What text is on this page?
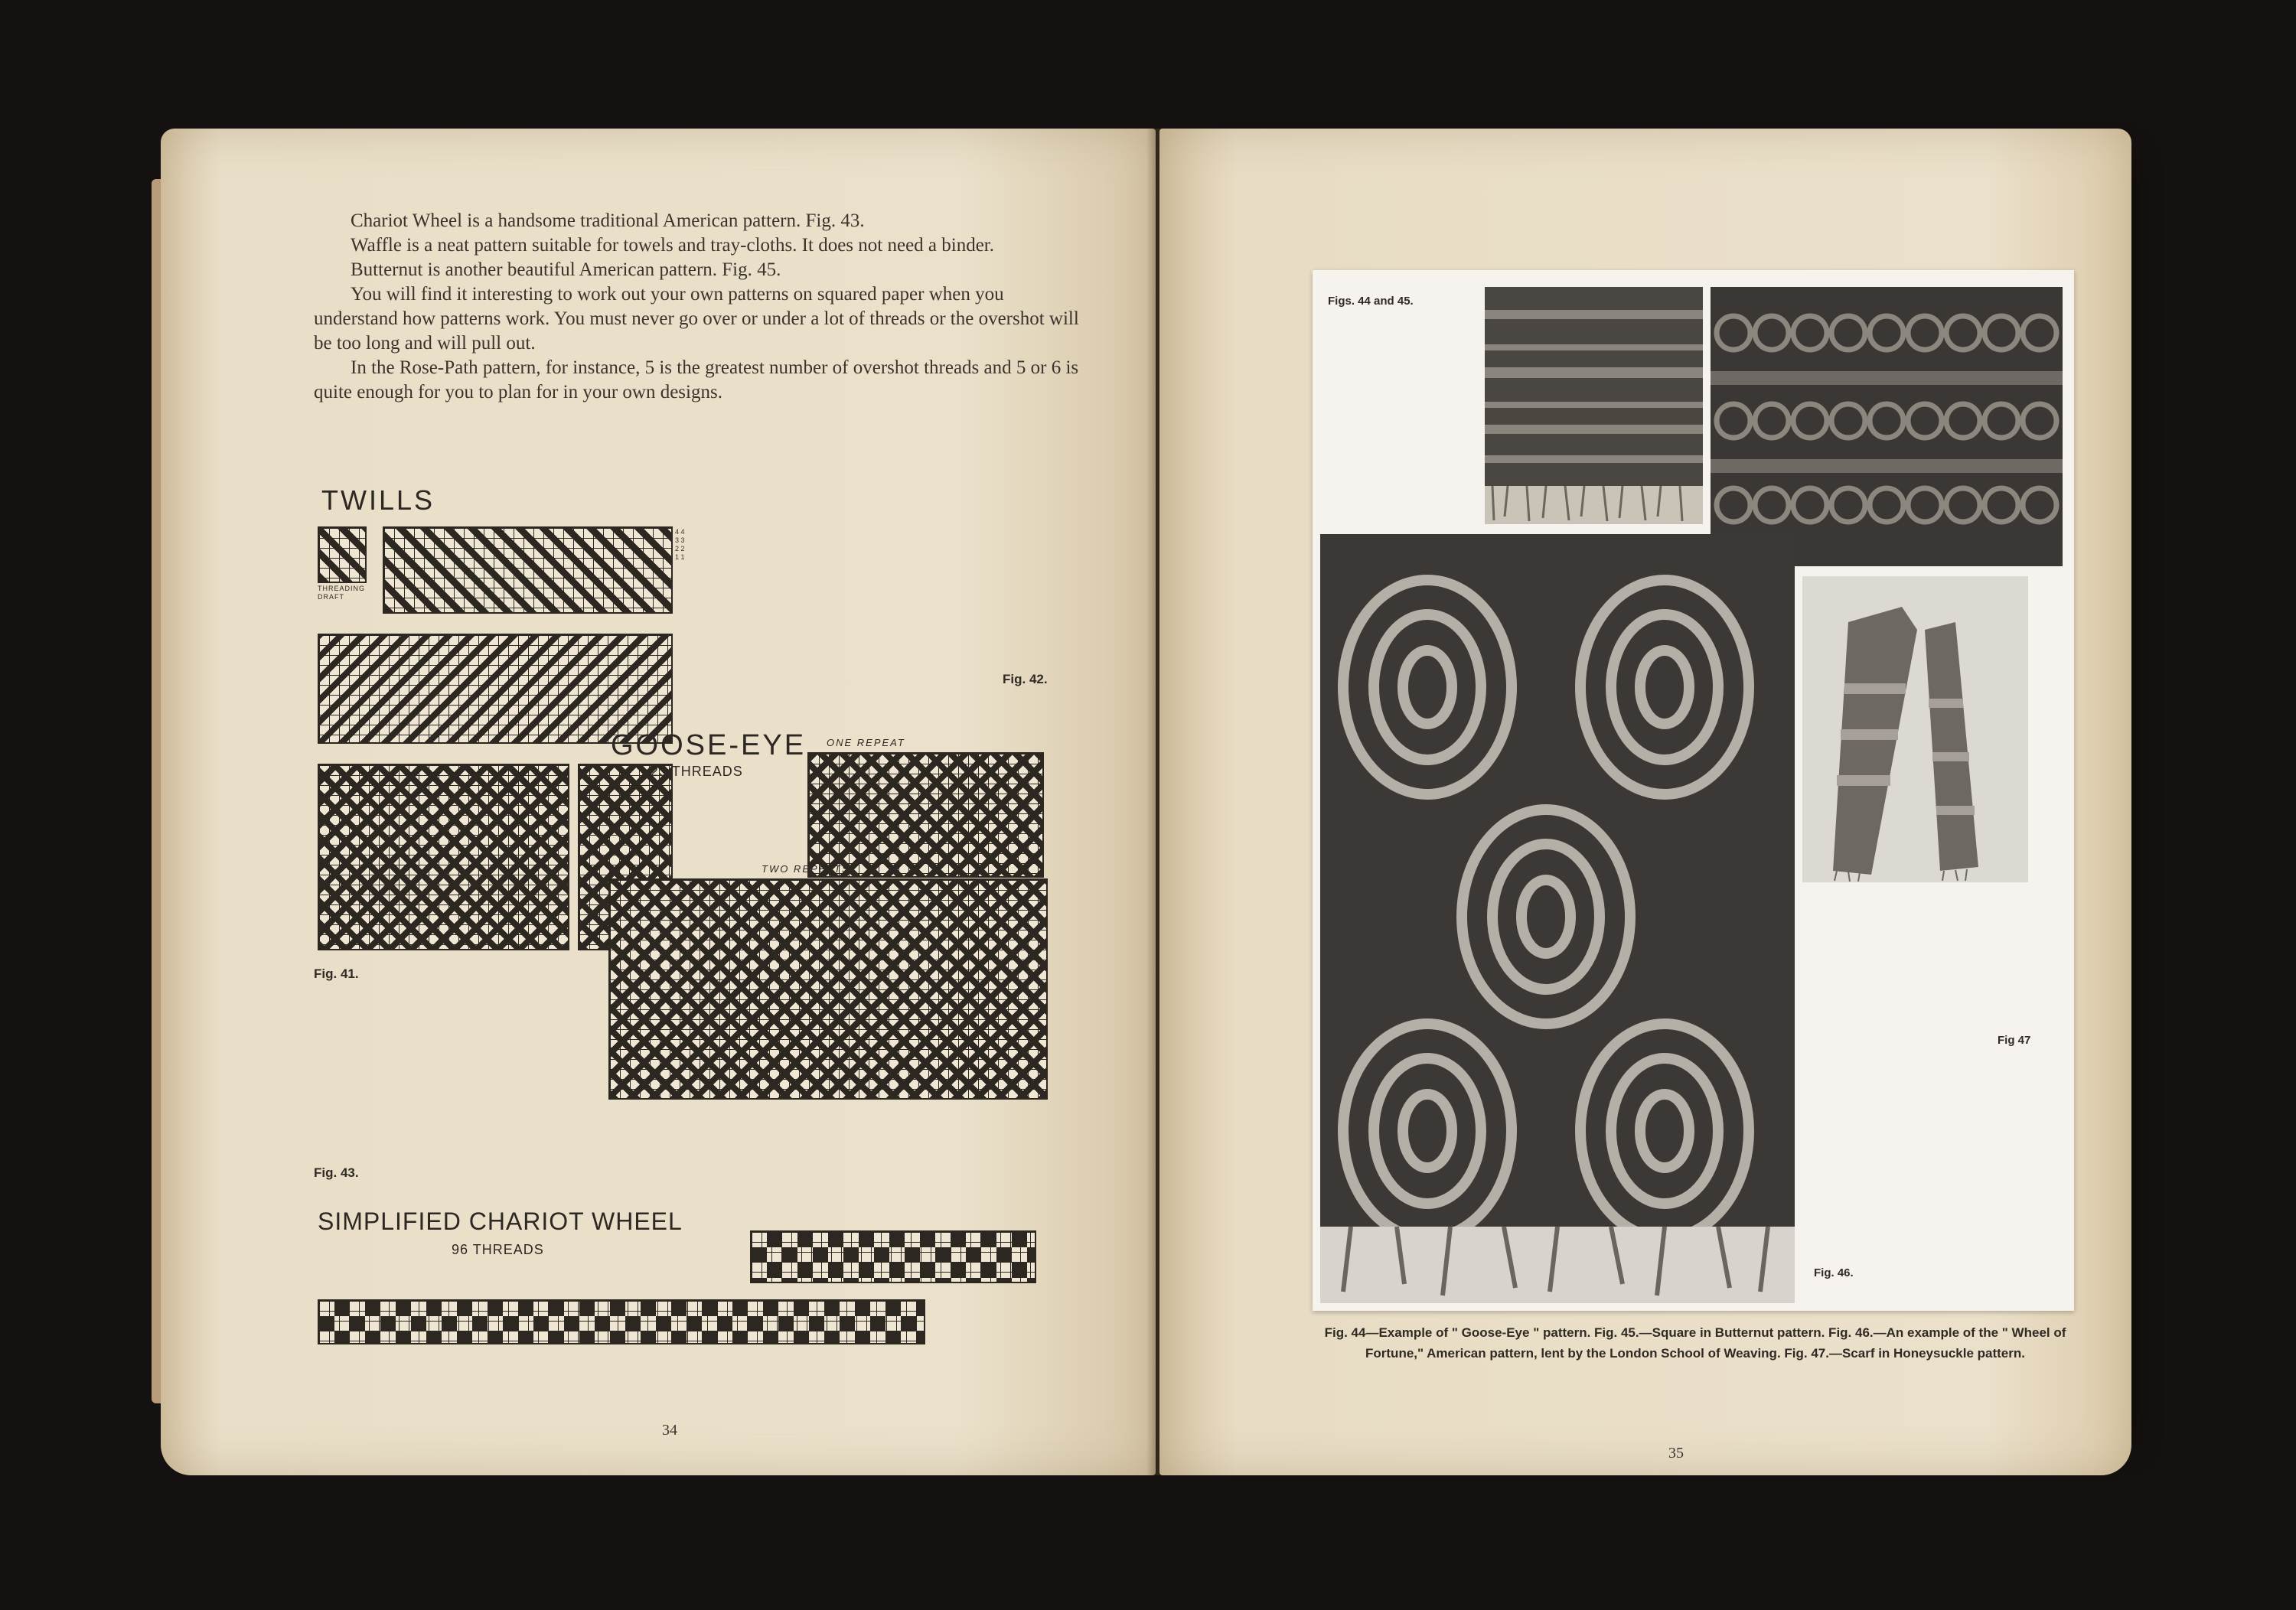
Chariot Wheel is a handsome traditional American pattern. Fig. 43.

Waffle is a neat pattern suitable for towels and tray-cloths. It does not need a binder.

Butternut is another beautiful American pattern. Fig. 45.

You will find it interesting to work out your own patterns on squared paper when you understand how patterns work. You must never go over or under a lot of threads or the overshot will be too long and will pull out.

In the Rose-Path pattern, for instance, 5 is the greatest number of overshot threads and 5 or 6 is quite enough for you to plan for in your own designs.

TWILLS
THREADING DRAFT
4 4
3 3
2 2
1 1
Fig. 41.
Fig. 42.
GOOSE-EYE
23 THREADS
ONE REPEAT
TWO REPEATS
Fig. 43.
SIMPLIFIED CHARIOT WHEEL
96 THREADS
34
Figs. 44 and 45.
Fig. 46.
Fig 47
Fig. 44—Example of " Goose-Eye " pattern. Fig. 45.—Square in Butternut pattern. Fig. 46.—An example of the " Wheel of Fortune," American pattern, lent by the London School of Weaving. Fig. 47.—Scarf in Honeysuckle pattern.
35
